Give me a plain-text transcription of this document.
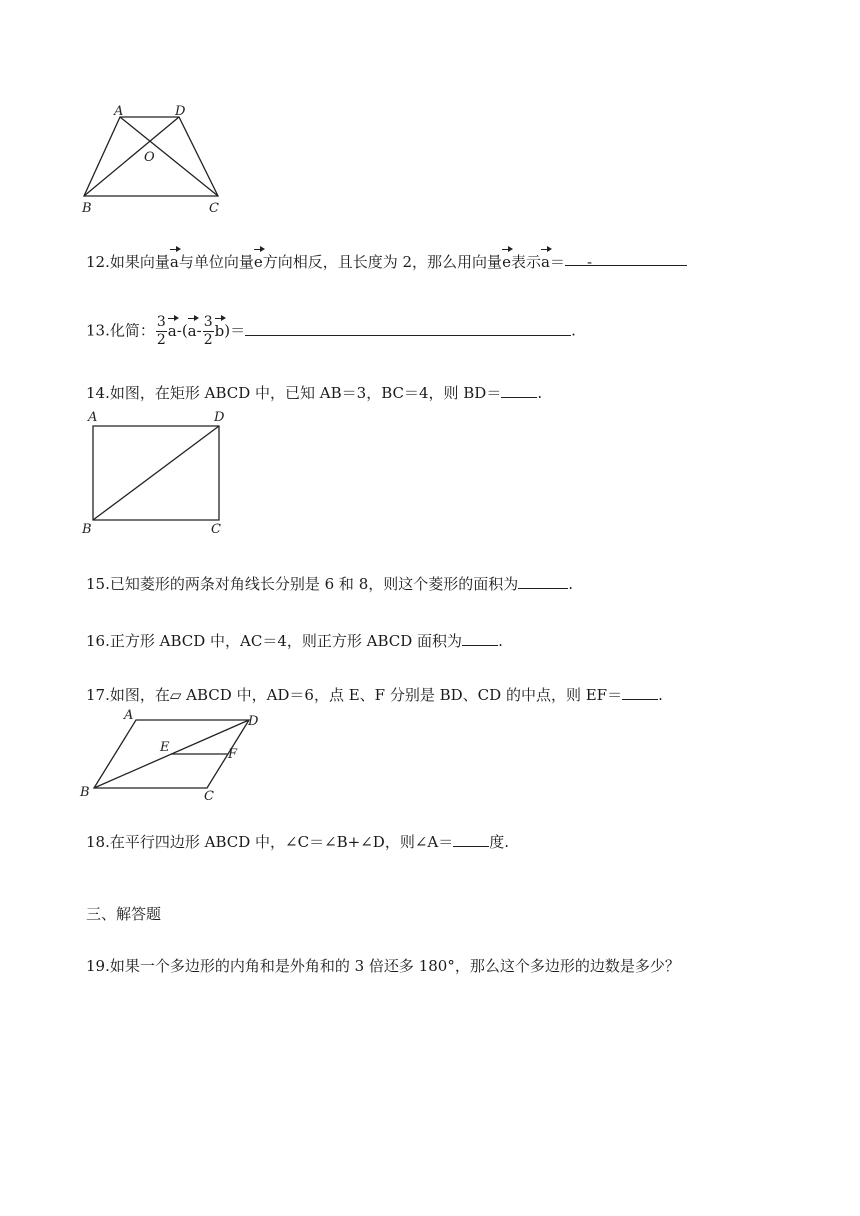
A	D
O
B	C
12.如果向量a与单位向量e方向相反，且长度为 2，那么用向量e表示a＝ -
13.化简： $\frac{3}{2} a-(a- \frac{3}{2} b)=$	.
14.如图，在矩形 ABCD 中，已知 AB＝3，BC＝4，则 BD＝ .
A	D
B	C
15.已知菱形的两条对角线长分别是 6 和 8，则这个菱形的面积为	.
16.正方形 ABCD 中，AC＝4，则正方形 ABCD 面积为 .
17.如图，在▱ ABCD 中，AD＝6，点 E、F 分别是 BD、CD 的中点，则 EF＝ .
A	D
E	F
B	C
18.在平行四边形 ABCD 中，∠C＝∠B+∠D，则∠A＝ 度.
三、解答题
19.如果一个多边形的内角和是外角和的 3 倍还多 180°，那么这个多边形的边数是多少？
